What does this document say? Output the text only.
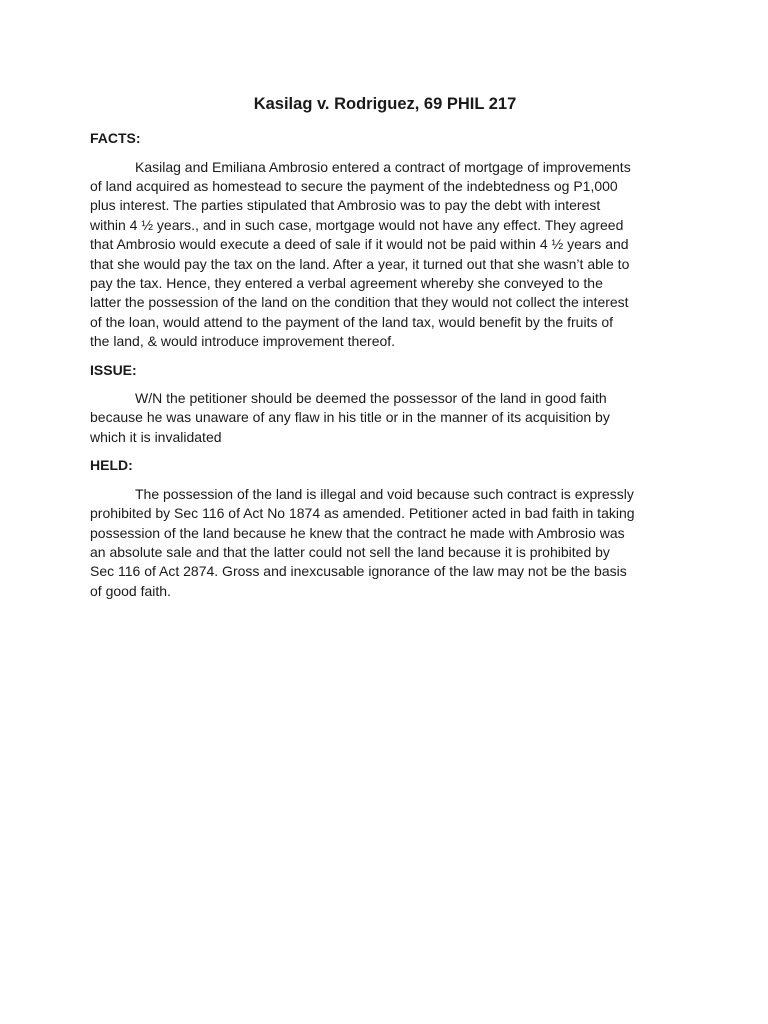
Kasilag v. Rodriguez, 69 PHIL 217
FACTS:
Kasilag and Emiliana Ambrosio entered a contract of mortgage of improvements
of land acquired as homestead to secure the payment of the indebtedness og P1,000
plus interest. The parties stipulated that Ambrosio was to pay the debt with interest
within 4 ½ years., and in such case, mortgage would not have any effect. They agreed
that Ambrosio would execute a deed of sale if it would not be paid within 4 ½ years and
that she would pay the tax on the land. After a year, it turned out that she wasn’t able to
pay the tax. Hence, they entered a verbal agreement whereby she conveyed to the
latter the possession of the land on the condition that they would not collect the interest
of the loan, would attend to the payment of the land tax, would benefit by the fruits of
the land, & would introduce improvement thereof.
ISSUE:
W/N the petitioner should be deemed the possessor of the land in good faith
because he was unaware of any flaw in his title or in the manner of its acquisition by
which it is invalidated
HELD:
The possession of the land is illegal and void because such contract is expressly
prohibited by Sec 116 of Act No 1874 as amended. Petitioner acted in bad faith in taking
possession of the land because he knew that the contract he made with Ambrosio was
an absolute sale and that the latter could not sell the land because it is prohibited by
Sec 116 of Act 2874. Gross and inexcusable ignorance of the law may not be the basis
of good faith.
